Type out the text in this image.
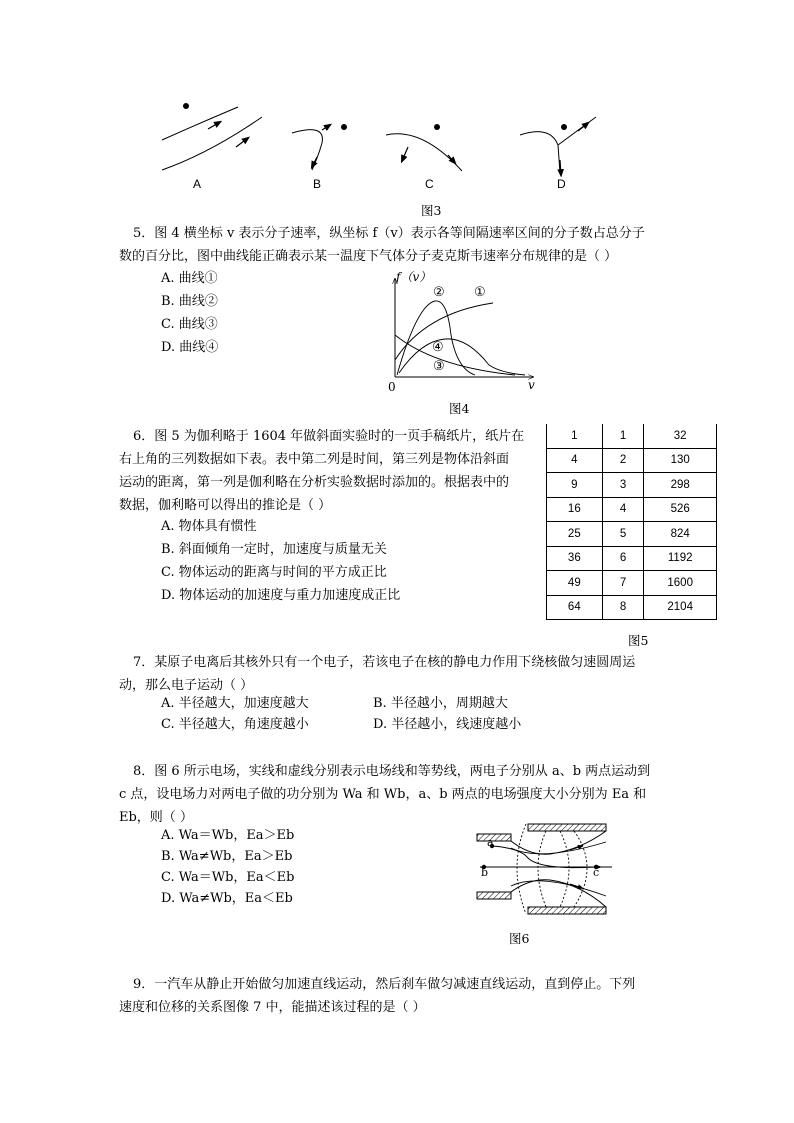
A	B	C	D
图3
5．图 4 横坐标 v 表示分子速率，纵坐标 f（v）表示各等间隔速率区间的分子数占总分子
数的百分比，图中曲线能正确表示某一温度下气体分子麦克斯韦速率分布规律的是（ ）
A. 曲线①
B. 曲线②
C. 曲线③
D. 曲线④
f（v）
② ①
④
③
0	v
图4
6．图 5 为伽利略于 1604 年做斜面实验时的一页手稿纸片，纸片在
右上角的三列数据如下表。表中第二列是时间，第三列是物体沿斜面
运动的距离，第一列是伽利略在分析实验数据时添加的。根据表中的
数据，伽利略可以得出的推论是（ ）
A. 物体具有惯性
B. 斜面倾角一定时，加速度与质量无关
C. 物体运动的距离与时间的平方成正比
D. 物体运动的加速度与重力加速度成正比
1	1	32
4	2	130
9	3	298
16	4	526
25	5	824
36	6	1192
49	7	1600
64	8	2104
图5
7．某原子电离后其核外只有一个电子，若该电子在核的静电力作用下绕核做匀速圆周运
动，那么电子运动（ ）
A. 半径越大，加速度越大	B. 半径越小，周期越大
C. 半径越大，角速度越小	D. 半径越小，线速度越小
8．图 6 所示电场，实线和虚线分别表示电场线和等势线，两电子分别从 a、b 两点运动到
c 点，设电场力对两电子做的功分别为 Wa 和 Wb，a、b 两点的电场强度大小分别为 Ea 和
Eb，则（ ）
A. Wa＝Wb，Ea＞Eb
B. Wa≠Wb，Ea＞Eb
C. Wa＝Wb，Ea＜Eb
D. Wa≠Wb，Ea＜Eb
a
b	c
图6
9．一汽车从静止开始做匀加速直线运动，然后刹车做匀减速直线运动，直到停止。下列
速度和位移的关系图像 7 中，能描述该过程的是（ ）
